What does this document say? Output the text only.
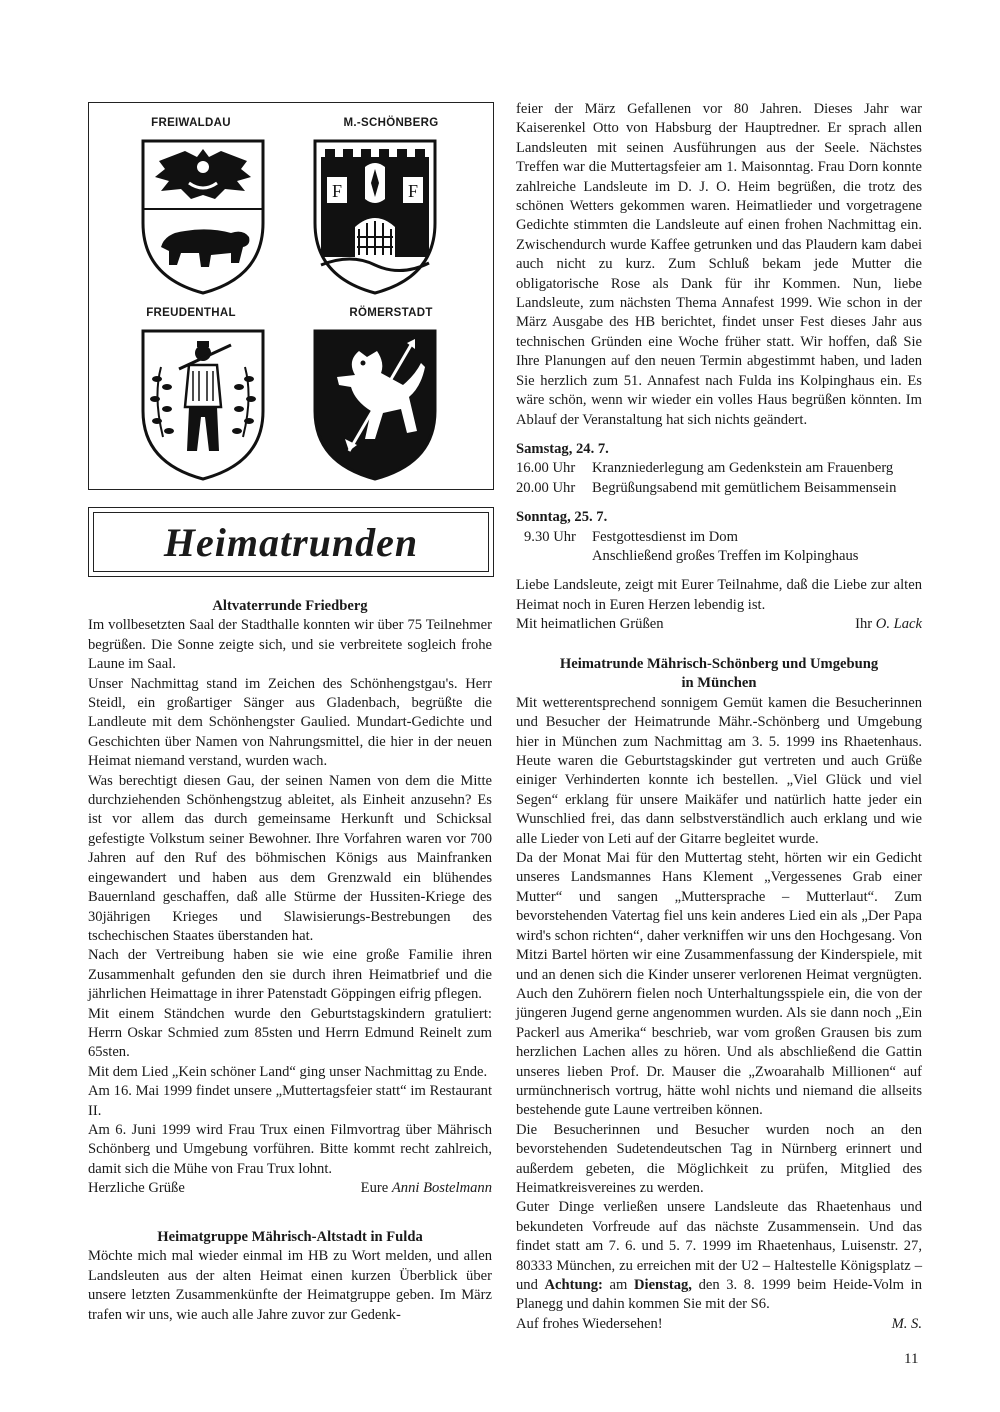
FREIWALDAU	M.-SCHÖNBERG
FREUDENTHAL	RÖMERSTADT
F	F
Heimatrunden
Altvaterrunde Friedberg

Im vollbesetzten Saal der Stadthalle konnten wir über 75 Teilnehmer begrüßen. Die Sonne zeigte sich, und sie verbreitete sogleich frohe Laune im Saal.

Unser Nachmittag stand im Zeichen des Schönhengstgau's. Herr Steidl, ein großartiger Sänger aus Gladenbach, begrüßte die Landleute mit dem Schönhengster Gaulied. Mundart-Gedichte und Geschichten über Namen von Nahrungsmittel, die hier in der neuen Heimat niemand verstand, wurden wach.

Was berechtigt diesen Gau, der seinen Namen von dem die Mitte durchziehenden Schönhengstzug ableitet, als Einheit anzusehn? Es ist vor allem das durch gemeinsame Herkunft und Schicksal gefestigte Volkstum seiner Bewohner. Ihre Vorfahren waren vor 700 Jahren auf den Ruf des böhmischen Königs aus Mainfranken eingewandert und haben aus dem Grenzwald ein blühendes Bauernland geschaffen, daß alle Stürme der Hussiten-Kriege des 30jährigen Krieges und Slawisierungs-Bestrebungen des tschechischen Staates überstanden hat.

Nach der Vertreibung haben sie wie eine große Familie ihren Zusammenhalt gefunden den sie durch ihren Heimatbrief und die jährlichen Heimattage in ihrer Patenstadt Göppingen eifrig pflegen.

Mit einem Ständchen wurde den Geburtstagskindern gratuliert: Herrn Oskar Schmied zum 85sten und Herrn Edmund Reinelt zum 65sten.

Mit dem Lied „Kein schöner Land“ ging unser Nachmittag zu Ende.

Am 16. Mai 1999 findet unsere „Muttertagsfeier statt“ im Restaurant II.

Am 6. Juni 1999 wird Frau Trux einen Filmvortrag über Mährisch Schönberg und Umgebung vorführen. Bitte kommt recht zahlreich, damit sich die Mühe von Frau Trux lohnt.

Herzliche Grüße	Eure Anni Bostelmann
Heimatgruppe Mährisch-Altstadt in Fulda

Möchte mich mal wieder einmal im HB zu Wort melden, und allen Landsleuten aus der alten Heimat einen kurzen Überblick über unsere letzten Zusammenkünfte der Heimatgruppe geben. Im März trafen wir uns, wie auch alle Jahre zuvor zur Gedenk-

feier der März Gefallenen vor 80 Jahren. Dieses Jahr war Kaiserenkel Otto von Habsburg der Hauptredner. Er sprach allen Landsleuten mit seinen Ausführungen aus der Seele. Nächstes Treffen war die Muttertagsfeier am 1. Maisonntag. Frau Dorn konnte zahlreiche Landsleute im D. J. O. Heim begrüßen, die trotz des schönen Wetters gekommen waren. Heimatlieder und vorgetragene Gedichte stimmten die Landsleute auf einen frohen Nachmittag ein. Zwischendurch wurde Kaffee getrunken und das Plaudern kam dabei auch nicht zu kurz. Zum Schluß bekam jede Mutter die obligatorische Rose als Dank für ihr Kommen. Nun, liebe Landsleute, zum nächsten Thema Annafest 1999. Wie schon in der März Ausgabe des HB berichtet, findet unser Fest dieses Jahr aus technischen Gründen eine Woche früher statt. Wir hoffen, daß Sie Ihre Planungen auf den neuen Termin abgestimmt haben, und laden Sie herzlich zum 51. Annafest nach Fulda ins Kolpinghaus ein. Es wäre schön, wenn wir wieder ein volles Haus begrüßen könnten. Im Ablauf der Veranstaltung hat sich nichts geändert.

Samstag, 24. 7.
16.00 Uhr	Kranzniederlegung am Gedenkstein am Frauenberg
20.00 Uhr	Begrüßungsabend mit gemütlichem Beisammensein
Sonntag, 25. 7.
9.30 Uhr	Festgottesdienst im Dom
Anschließend großes Treffen im Kolpinghaus

Liebe Landsleute, zeigt mit Eurer Teilnahme, daß die Liebe zur alten Heimat noch in Euren Herzen lebendig ist.

Mit heimatlichen Grüßen	Ihr O. Lack
Heimatrunde Mährisch-Schönberg und Umgebung
in München

Mit wetterentsprechend sonnigem Gemüt kamen die Besucherinnen und Besucher der Heimatrunde Mähr.-Schönberg und Umgebung hier in München zum Nachmittag am 3. 5. 1999 ins Rhaetenhaus. Heute waren die Geburtstagskinder gut vertreten und auch Grüße einiger Verhinderten konnte ich bestellen. „Viel Glück und viel Segen“ erklang für unsere Maikäfer und natürlich hatte jeder ein Wunschlied frei, das dann selbstverständlich auch erklang und wie alle Lieder von Leti auf der Gitarre begleitet wurde.

Da der Monat Mai für den Muttertag steht, hörten wir ein Gedicht unseres Landsmannes Hans Klement „Vergessenes Grab einer Mutter“ und sangen „Muttersprache – Mutterlaut“. Zum bevorstehenden Vatertag fiel uns kein anderes Lied ein als „Der Papa wird's schon richten“, daher verkniffen wir uns den Hochgesang. Von Mitzi Bartel hörten wir eine Zusammenfassung der Kinderspiele, mit und an denen sich die Kinder unserer verlorenen Heimat vergnügten. Auch den Zuhörern fielen noch Unterhaltungsspiele ein, die von der jüngeren Jugend gerne angenommen wurden. Als sie dann noch „Ein Packerl aus Amerika“ beschrieb, war vom großen Grausen bis zum herzlichen Lachen alles zu hören. Und als abschließend die Gattin unseres lieben Prof. Dr. Mauser die „Zwoarahalb Millionen“ auf urmünchnerisch vortrug, hätte wohl nichts und niemand die allseits bestehende gute Laune vertreiben können.

Die Besucherinnen und Besucher wurden noch an den bevorstehenden Sudetendeutschen Tag in Nürnberg erinnert und außerdem gebeten, die Möglichkeit zu prüfen, Mitglied des Heimatkreisvereines zu werden.

Guter Dinge verließen unsere Landsleute das Rhaetenhaus und bekundeten Vorfreude auf das nächste Zusammensein. Und das findet statt am 7. 6. und 5. 7. 1999 im Rhaetenhaus, Luisenstr. 27, 80333 München, zu erreichen mit der U2 – Haltestelle Königsplatz – und Achtung: am Dienstag, den 3. 8. 1999 beim Heide-Volm in Planegg und dahin kommen Sie mit der S6.

Auf frohes Wiedersehen!	M. S.
11
